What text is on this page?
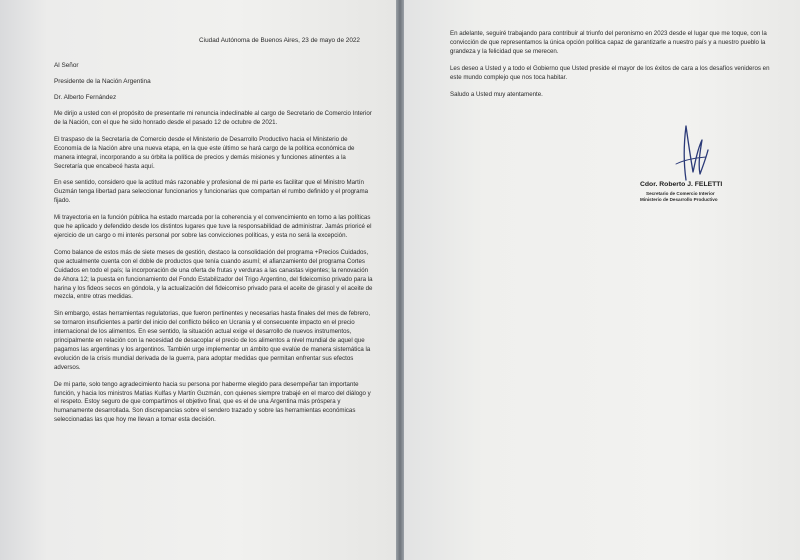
Ciudad Autónoma de Buenos Aires, 23 de mayo de 2022
Al Señor
Presidente de la Nación Argentina
Dr. Alberto Fernández

Me dirijo a usted con el propósito de presentarle mi renuncia indeclinable al cargo de Secretario de Comercio Interior de la Nación, con el que he sido honrado desde el pasado 12 de octubre de 2021.

El traspaso de la Secretaría de Comercio desde el Ministerio de Desarrollo Productivo hacia el Ministerio de Economía de la Nación abre una nueva etapa, en la que este último se hará cargo de la política económica de manera integral, incorporando a su órbita la política de precios y demás misiones y funciones atinentes a la Secretaría que encabecé hasta aquí.

En ese sentido, considero que la actitud más razonable y profesional de mi parte es facilitar que el Ministro Martín Guzmán tenga libertad para seleccionar funcionarios y funcionarias que compartan el rumbo definido y el programa fijado.

Mi trayectoria en la función pública ha estado marcada por la coherencia y el convencimiento en torno a las políticas que he aplicado y defendido desde los distintos lugares que tuve la responsabilidad de administrar. Jamás prioricé el ejercicio de un cargo o mi interés personal por sobre las convicciones políticas, y esta no será la excepción.

Como balance de estos más de siete meses de gestión, destaco la consolidación del programa +Precios Cuidados, que actualmente cuenta con el doble de productos que tenía cuando asumí; el afianzamiento del programa Cortes Cuidados en todo el país; la incorporación de una oferta de frutas y verduras a las canastas vigentes; la renovación de Ahora 12; la puesta en funcionamiento del Fondo Estabilizador del Trigo Argentino, del fideicomiso privado para la harina y los fideos secos en góndola, y la actualización del fideicomiso privado para el aceite de girasol y el aceite de mezcla, entre otras medidas.

Sin embargo, estas herramientas regulatorias, que fueron pertinentes y necesarias hasta finales del mes de febrero, se tornaron insuficientes a partir del inicio del conflicto bélico en Ucrania y el consecuente impacto en el precio internacional de los alimentos. En ese sentido, la situación actual exige el desarrollo de nuevos instrumentos, principalmente en relación con la necesidad de desacoplar el precio de los alimentos a nivel mundial de aquel que pagamos las argentinas y los argentinos. También urge implementar un ámbito que evalúe de manera sistemática la evolución de la crisis mundial derivada de la guerra, para adoptar medidas que permitan enfrentar sus efectos adversos.

De mi parte, solo tengo agradecimiento hacia su persona por haberme elegido para desempeñar tan importante función, y hacia los ministros Matías Kulfas y Martín Guzmán, con quienes siempre trabajé en el marco del diálogo y el respeto. Estoy seguro de que compartimos el objetivo final, que es el de una Argentina más próspera y humanamente desarrollada. Son discrepancias sobre el sendero trazado y sobre las herramientas económicas seleccionadas las que hoy me llevan a tomar esta decisión.

En adelante, seguiré trabajando para contribuir al triunfo del peronismo en 2023 desde el lugar que me toque, con la convicción de que representamos la única opción política capaz de garantizarle a nuestro país y a nuestro pueblo la grandeza y la felicidad que se merecen.

Les deseo a Usted y a todo el Gobierno que Usted preside el mayor de los éxitos de cara a los desafíos venideros en este mundo complejo que nos toca habitar.

Saludo a Usted muy atentamente.

Cdor. Roberto J. FELETTI
Secretario de Comercio Interior
Ministerio de Desarrollo Productivo
